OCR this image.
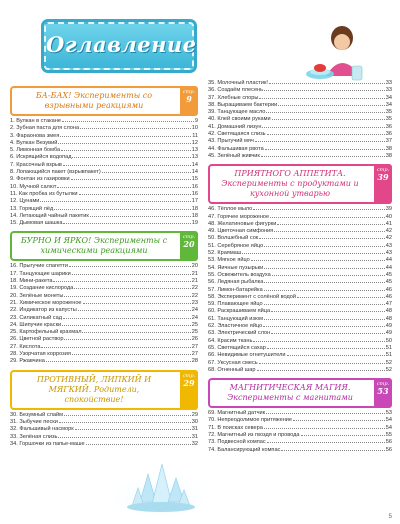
Оглавление
БА-БАХ! Эксперименты со взрывными реакциями
стр.
9
1. Вулкан в стакане	9
2. Зубная паста для слона	10
3. Фараонова змея	11
4. Вулкан Везувий	12
5. Лимонная бомба	13
6. Искрящийся водопад	13
7. Красочный взрыв	14
8. Лопающийся пакет (взрывпакет)	14
9. Фонтан из газировки	15
10. Мучной салют	16
11. Как пробка из бутылки	16
12. Цунами	17
13. Горящий лёд	18
14. Летающий чайный пакетик	18
15. Дымовая шашка	19
БУРНО И ЯРКО! Эксперименты с химическими реакциями
стр.
20
16. Прыгучие спагетти	20
17. Танцующие шарики	21
18. Мини-ракета	21
19. Создание кислорода	22
20. Зелёные монеты	22
21. Химическое мороженое	23
22. Индикатор из капусты	24
23. Силикатный сад	24
24. Шипучие краски	25
25. Картофельный крахмал	25
26. Цветной раствор	26
27. Кислота	27
28. Узорчатая коррозия	27
29. Ржавчина	28
ПРОТИВНЫЙ, ЛИПКИЙ И МЯГКИЙ. Родители, спокойствие!
стр.
29
30. Безумный слайм	29
31. Зыбучие пески	30
32. Фальшивый насморк	31
33. Зелёная слизь	31
34. Горшочки из папье-маше	32
35. Молочный пластик!	33
36. Создаём плесень	33
37. Хлебные споры	34
38. Выращиваем бактерии	34
39. Танцующее масло	35
40. Клей своими руками	35
41. Домашний лизун	36
42. Светящаяся слизь	36
43. Прыгучий мяч	37
44. Фальшивая рвота	38
45. Зелёный живчик	38
ПРИЯТНОГО АППЕТИТА. Эксперименты с продуктами и кухонной утварью
стр.
39
46. Тёплое мыло	39
47. Горячее мороженое	40
48. Желатиновые фигурки	41
49. Цветочная симфония	42
50. Волшебный сок	42
51. Серебряное яйцо	43
52. Краямаш	43
53. Мягкое яйцо	44
54. Яичные пузырьки	44
55. Освежитель воздуха	45
56. Ледяная рыбалка	45
57. Лимон-батарейка	46
58. Эксперимент с солёной водой	46
59. Плавающее яйцо	47
60. Раскрашиваем яйца	48
61. Танцующий изюм	48
62. Эластичное яйцо	49
63. Электрический слон	49
64. Красим ткань	50
65. Светящийся сахар	51
66. Невидимые огнетушители	51
67. Уксусная смесь	52
68. Огненный шар	52
МАГНИТИЧЕСКАЯ МАГИЯ. Эксперименты с магнитами
стр.
53
69. Магнитный датчик	53
70. Непреодолимое притяжение	54
71. В поисках севера	54
72. Магнитный из гвоздя и провода	55
73. Подвесной компас	56
74. Балансирующий компас	56
5
